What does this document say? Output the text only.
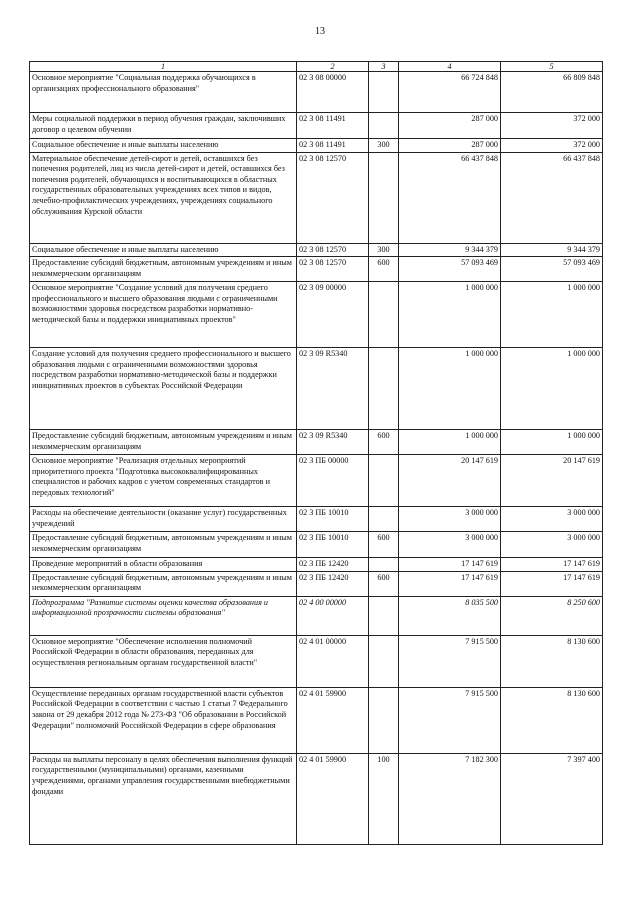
13
1	2	3	4	5
Основное мероприятие "Социальная поддержка обучающихся в организациях профессионального образования"	02 3 08 00000		66 724 848	66 809 848
Меры социальной поддержки в период обучения граждан, заключивших договор о целевом обучении	02 3 08 11491		287 000	372 000
Социальное обеспечение и иные выплаты населению	02 3 08 11491	300	287 000	372 000
Материальное обеспечение детей-сирот и детей, оставшихся без попечения родителей, лиц из числа детей-сирот и детей, оставшихся без попечения родителей, обучающихся и воспитывающихся в областных государственных образовательных учреждениях всех типов и видов, лечебно-профилактических учреждениях, учреждениях социального обслуживания Курской области	02 3 08 12570		66 437 848	66 437 848
Социальное обеспечение и иные выплаты населению	02 3 08 12570	300	9 344 379	9 344 379
Предоставление субсидий бюджетным, автономным учреждениям и иным некоммерческим организациям	02 3 08 12570	600	57 093 469	57 093 469
Основное мероприятие "Создание условий для получения среднего профессионального и высшего образования людьми с ограниченными возможностями здоровья посредством разработки нормативно-методической базы и поддержки инициативных проектов"	02 3 09 00000		1 000 000	1 000 000
Создание условий для получения среднего профессионального и высшего образования людьми с ограниченными возможностями здоровья посредством разработки нормативно-методической базы и поддержки инициативных проектов в субъектах Российской Федерации	02 3 09 R5340		1 000 000	1 000 000
Предоставление субсидий бюджетным, автономным учреждениям и иным некоммерческим организациям	02 3 09 R5340	600	1 000 000	1 000 000
Основное мероприятие "Реализация отдельных мероприятий приоритетного проекта "Подготовка высококвалифицированных специалистов и рабочих кадров с учетом современных стандартов и передовых технологий"	02 3 ПБ 00000		20 147 619	20 147 619
Расходы на обеспечение деятельности (оказание услуг) государственных учреждений	02 3 ПБ 10010		3 000 000	3 000 000
Предоставление субсидий бюджетным, автономным учреждениям и иным некоммерческим организациям	02 3 ПБ 10010	600	3 000 000	3 000 000
Проведение мероприятий в области образования	02 3 ПБ 12420		17 147 619	17 147 619
Предоставление субсидий бюджетным, автономным учреждениям и иным некоммерческим организациям	02 3 ПБ 12420	600	17 147 619	17 147 619
Подпрограмма "Развитие системы оценки качества образования и информационной прозрачности системы образования"	02 4 00 00000		8 035 500	8 250 600
Основное мероприятие "Обеспечение исполнения полномочий Российской Федерации в области образования, переданных для осуществления региональным органам государственной власти"	02 4 01 00000		7 915 500	8 130 600
Осуществление переданных органам государственной власти субъектов Российской Федерации в соответствии с частью 1 статьи 7 Федерального закона от 29 декабря 2012 года № 273-ФЗ "Об образовании в Российской Федерации" полномочий Российской Федерации в сфере образования	02 4 01 59900		7 915 500	8 130 600
Расходы на выплаты персоналу в целях обеспечения выполнения функций государственными (муниципальными) органами, казенными учреждениями, органами управления государственными внебюджетными фондами	02 4 01 59900	100	7 182 300	7 397 400
